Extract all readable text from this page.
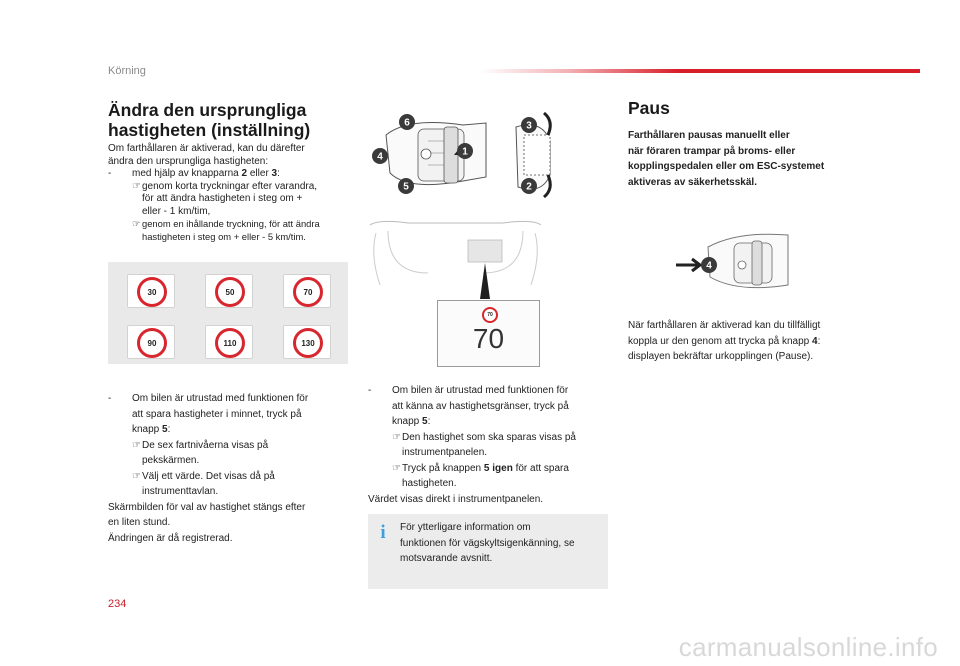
Körning
Ändra den ursprungliga
hastigheten (inställning)
Om farthållaren är aktiverad, kan du därefter
ändra den ursprungliga hastigheten:
- med hjälp av knapparna 2 eller 3:
☞genom korta tryckningar efter varandra,
för att ändra hastigheten i steg om +
eller - 1 km/tim,
☞ genom en ihållande tryckning, för att ändra
hastigheten i steg om + eller - 5 km/tim.
30	50	70
90	110	130
- Om bilen är utrustad med funktionen för
att spara hastigheter i minnet, tryck på
knapp 5:
☞De sex fartnivåerna visas på
pekskärmen.
☞Välj ett värde. Det visas då på
instrumenttavlan.
Skärmbilden för val av hastighet stängs efter
en liten stund.
Ändringen är då registrerad.
6
4
5
1
3
2
70
70
- Om bilen är utrustad med funktionen för
att känna av hastighetsgränser, tryck på
knapp 5:
☞Den hastighet som ska sparas visas på
instrumentpanelen.
☞Tryck på knappen 5 igen för att spara
hastigheten.
Värdet visas direkt i instrumentpanelen.
i	För ytterligare information om
funktionen för vägskyltsigenkänning, se
motsvarande avsnitt.
Paus
Farthållaren pausas manuellt eller
när föraren trampar på broms- eller
kopplingspedalen eller om ESC-systemet
aktiveras av säkerhetsskäl.
4
När farthållaren är aktiverad kan du tillfälligt
koppla ur den genom att trycka på knapp 4:
displayen bekräftar urkopplingen (Pause).
234
carmanualsonline.info
